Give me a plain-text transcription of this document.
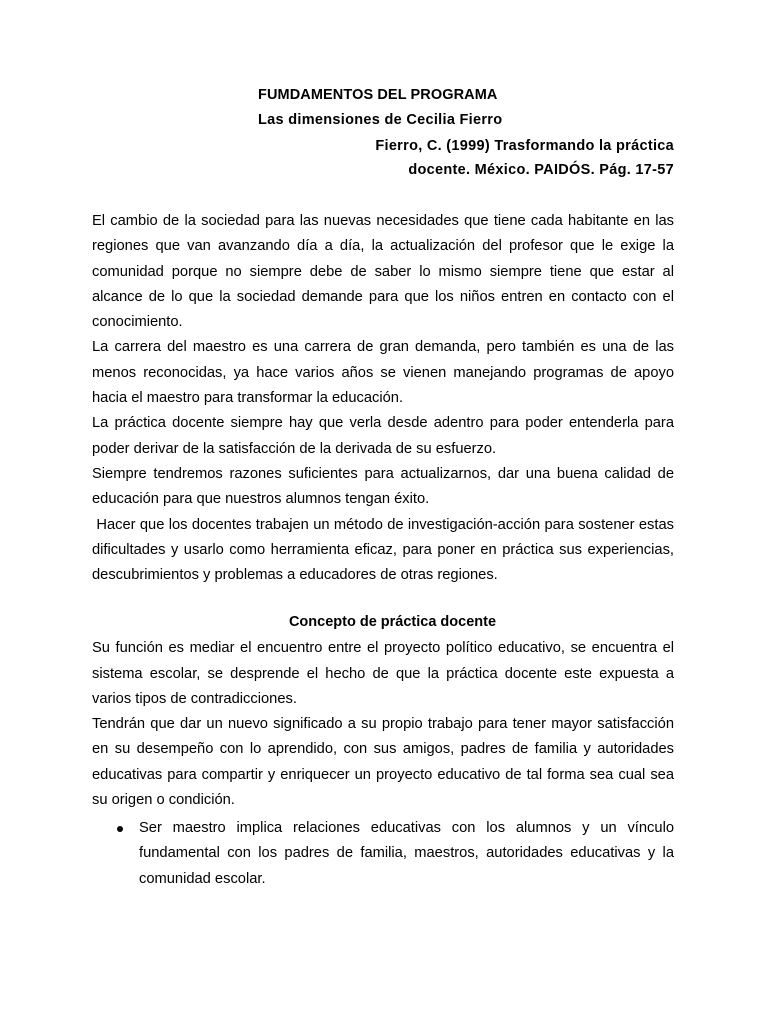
FUMDAMENTOS DEL PROGRAMA
Las dimensiones de Cecilia Fierro
Fierro, C. (1999) Trasformando la práctica
docente. México. PAIDÓS. Pág. 17-57

El cambio de la sociedad para las nuevas necesidades que tiene cada habitante en las regiones que van avanzando día a día, la actualización del profesor que le exige la comunidad porque no siempre debe de saber lo mismo siempre tiene que estar al alcance de lo que la sociedad demande para que los niños entren en contacto con el conocimiento.

La carrera del maestro es una carrera de gran demanda, pero también es una de las menos reconocidas, ya hace varios años se vienen manejando programas de apoyo hacia el maestro para transformar la educación.

La práctica docente siempre hay que verla desde adentro para poder entenderla para poder derivar de la satisfacción de la derivada de su esfuerzo.

Siempre tendremos razones suficientes para actualizarnos, dar una buena calidad de educación para que nuestros alumnos tengan éxito.

Hacer que los docentes trabajen un método de investigación-acción para sostener estas dificultades y usarlo como herramienta eficaz, para poner en práctica sus experiencias, descubrimientos y problemas a educadores de otras regiones.

Concepto de práctica docente

Su función es mediar el encuentro entre el proyecto político educativo, se encuentra el sistema escolar, se desprende el hecho de que la práctica docente este expuesta a varios tipos de contradicciones.

Tendrán que dar un nuevo significado a su propio trabajo para tener mayor satisfacción en su desempeño con lo aprendido, con sus amigos, padres de familia y autoridades educativas para compartir y enriquecer un proyecto educativo de tal forma sea cual sea su origen o condición.

Ser maestro implica relaciones educativas con los alumnos y un vínculo fundamental con los padres de familia, maestros, autoridades educativas y la comunidad escolar.
